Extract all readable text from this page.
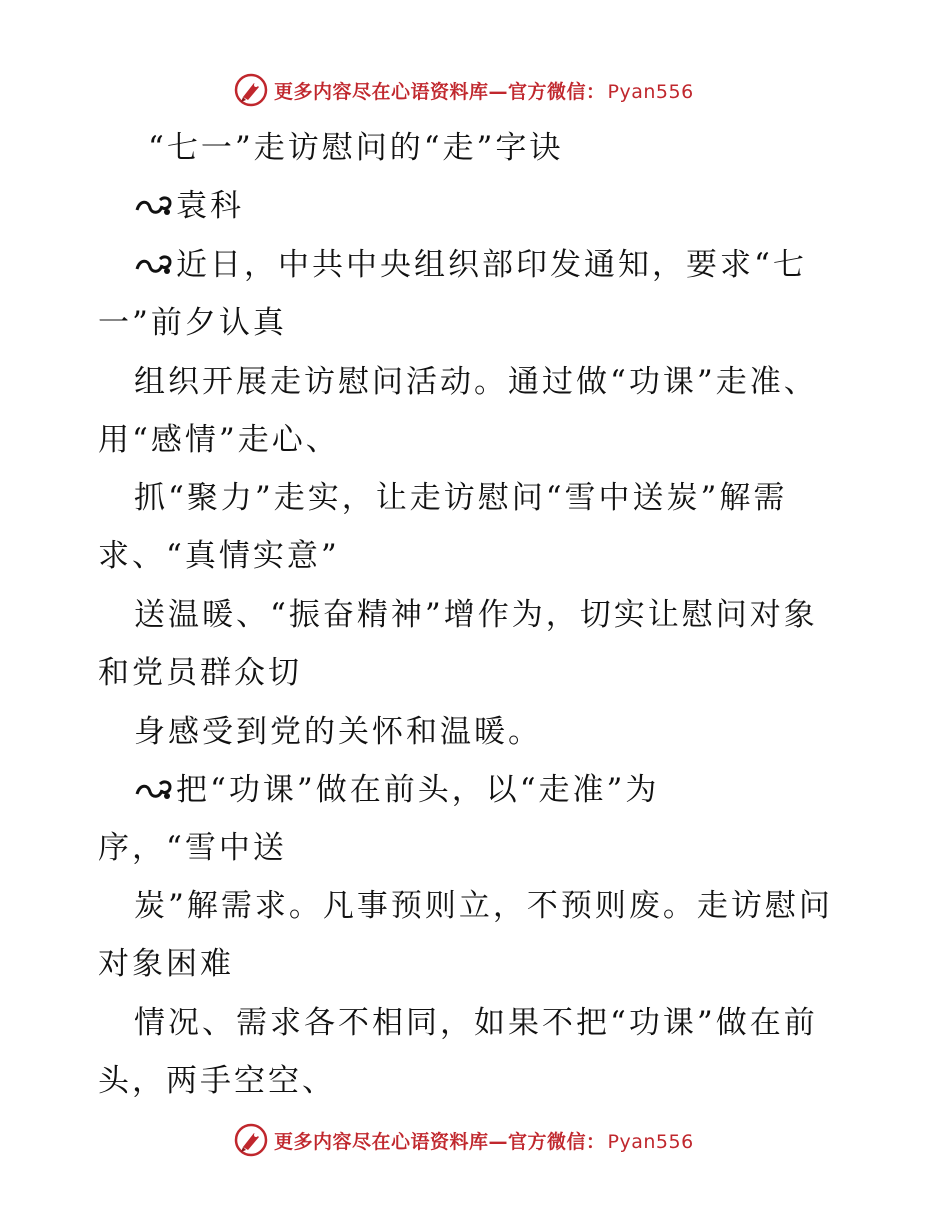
更多内容尽在心语资料库—官方微信： Pyan556
“七一”走访慰问的“走”字诀
袁科
近日，中共中央组织部印发通知，要求“七
一”前夕认真
组织开展走访慰问活动。通过做“功课”走准、
用“感情”走心、
抓“聚力”走实，让走访慰问“雪中送炭”解需
求、“真情实意”
送温暖、“振奋精神”增作为，切实让慰问对象
和党员群众切
身感受到党的关怀和温暖。
把“功课”做在前头，以“走准”为
序，“雪中送
炭”解需求。凡事预则立，不预则废。走访慰问
对象困难
情况、需求各不相同，如果不把“功课”做在前
头，两手空空、
更多内容尽在心语资料库—官方微信： Pyan556
